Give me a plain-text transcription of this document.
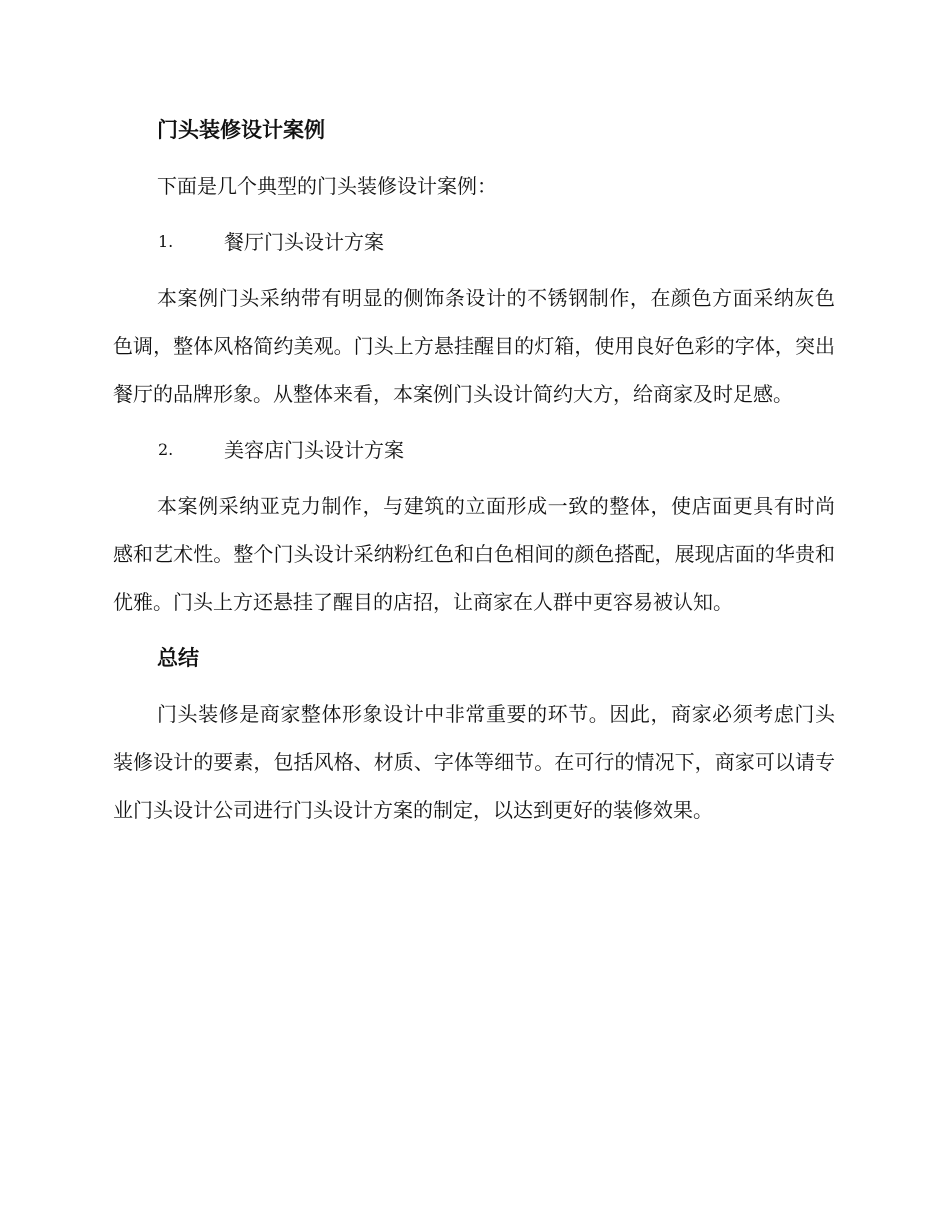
门头装修设计案例

下面是几个典型的门头装修设计案例：

1.	餐厅门头设计方案

本案例门头采纳带有明显的侧饰条设计的不锈钢制作，在颜色方面采纳灰色色调，整体风格简约美观。门头上方悬挂醒目的灯箱，使用良好色彩的字体，突出餐厅的品牌形象。从整体来看，本案例门头设计简约大方，给商家及时足感。

2.	美容店门头设计方案

本案例采纳亚克力制作，与建筑的立面形成一致的整体，使店面更具有时尚感和艺术性。整个门头设计采纳粉红色和白色相间的颜色搭配，展现店面的华贵和优雅。门头上方还悬挂了醒目的店招，让商家在人群中更容易被认知。

总结

门头装修是商家整体形象设计中非常重要的环节。因此，商家必须考虑门头装修设计的要素，包括风格、材质、字体等细节。在可行的情况下，商家可以请专业门头设计公司进行门头设计方案的制定，以达到更好的装修效果。
